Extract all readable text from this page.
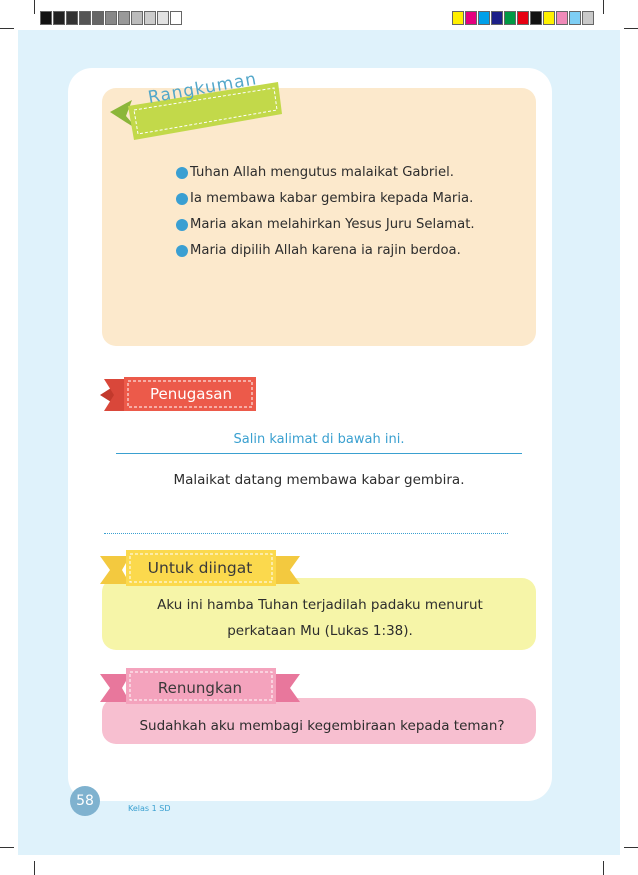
Rangkuman
Tuhan Allah mengutus malaikat Gabriel.
Ia membawa kabar gembira kepada Maria.
Maria akan melahirkan Yesus Juru Selamat.
Maria dipilih Allah karena ia rajin berdoa.
Penugasan
Salin kalimat di bawah ini.
Malaikat datang membawa kabar gembira.
Untuk diingat
Aku ini hamba Tuhan terjadilah padaku menurut
perkataan Mu (Lukas 1:38).
Renungkan
Sudahkah aku membagi kegembiraan kepada teman?
58	Kelas 1 SD
